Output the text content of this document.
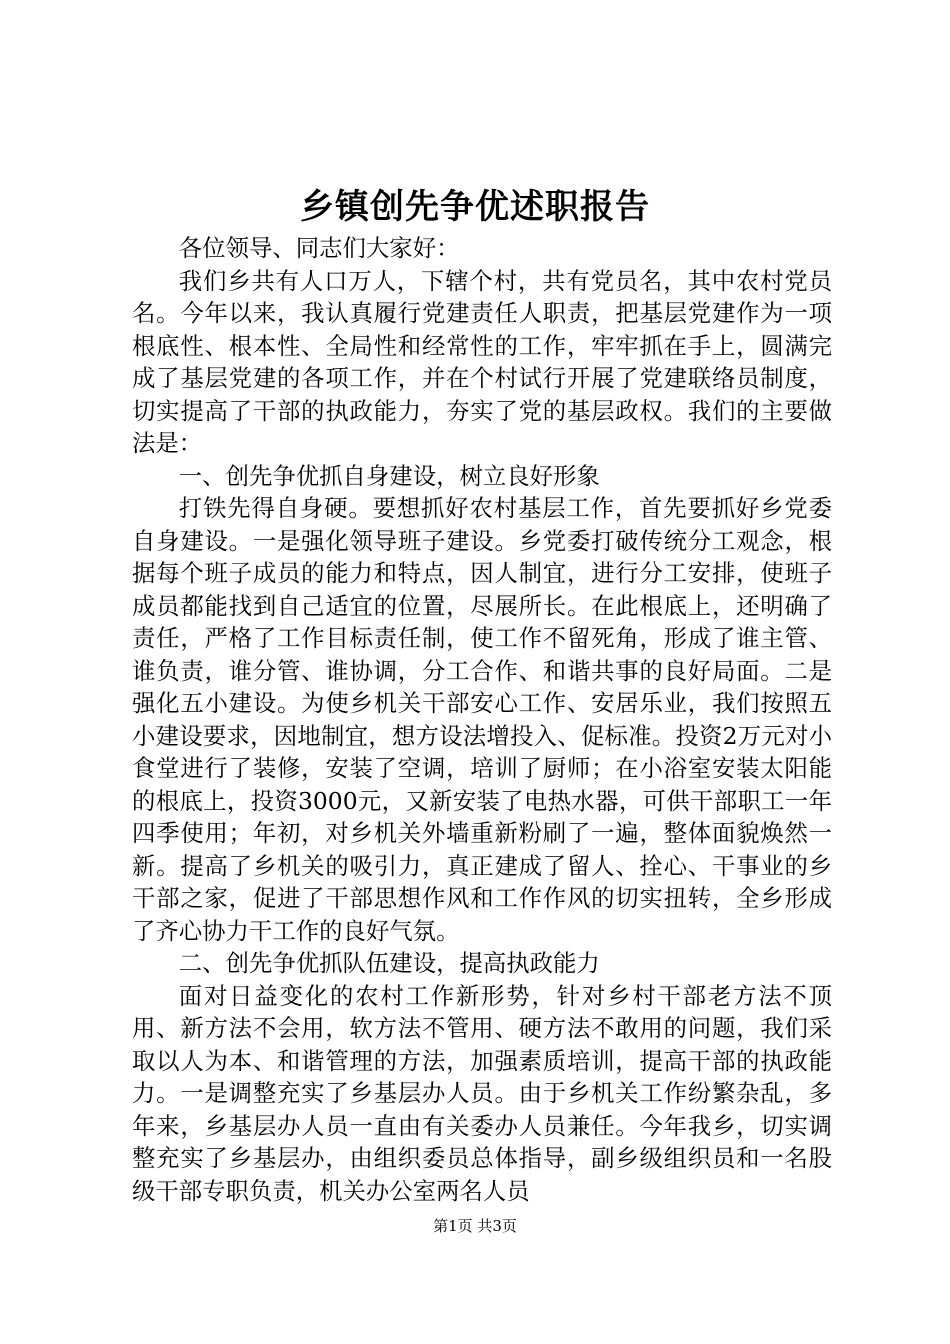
乡镇创先争优述职报告

各位领导、同志们大家好：

我们乡共有人口万人，下辖个村，共有党员名，其中农村党员名。今年以来，我认真履行党建责任人职责，把基层党建作为一项根底性、根本性、全局性和经常性的工作，牢牢抓在手上，圆满完成了基层党建的各项工作，并在个村试行开展了党建联络员制度，切实提高了干部的执政能力，夯实了党的基层政权。我们的主要做法是：

一、创先争优抓自身建设，树立良好形象

打铁先得自身硬。要想抓好农村基层工作，首先要抓好乡党委自身建设。一是强化领导班子建设。乡党委打破传统分工观念，根据每个班子成员的能力和特点，因人制宜，进行分工安排，使班子成员都能找到自己适宜的位置，尽展所长。在此根底上，还明确了责任，严格了工作目标责任制，使工作不留死角，形成了谁主管、谁负责，谁分管、谁协调，分工合作、和谐共事的良好局面。二是强化五小建设。为使乡机关干部安心工作、安居乐业，我们按照五小建设要求，因地制宜，想方设法增投入、促标准。投资2万元对小食堂进行了装修，安装了空调，培训了厨师；在小浴室安装太阳能的根底上，投资3000元，又新安装了电热水器，可供干部职工一年四季使用；年初，对乡机关外墙重新粉刷了一遍，整体面貌焕然一新。提高了乡机关的吸引力，真正建成了留人、拴心、干事业的乡干部之家，促进了干部思想作风和工作作风的切实扭转，全乡形成了齐心协力干工作的良好气氛。

二、创先争优抓队伍建设，提高执政能力

面对日益变化的农村工作新形势，针对乡村干部老方法不顶用、新方法不会用，软方法不管用、硬方法不敢用的问题，我们采取以人为本、和谐管理的方法，加强素质培训，提高干部的执政能力。一是调整充实了乡基层办人员。由于乡机关工作纷繁杂乱，多年来，乡基层办人员一直由有关委办人员兼任。今年我乡，切实调整充实了乡基层办，由组织委员总体指导，副乡级组织员和一名股级干部专职负责，机关办公室两名人员

第1页 共3页
